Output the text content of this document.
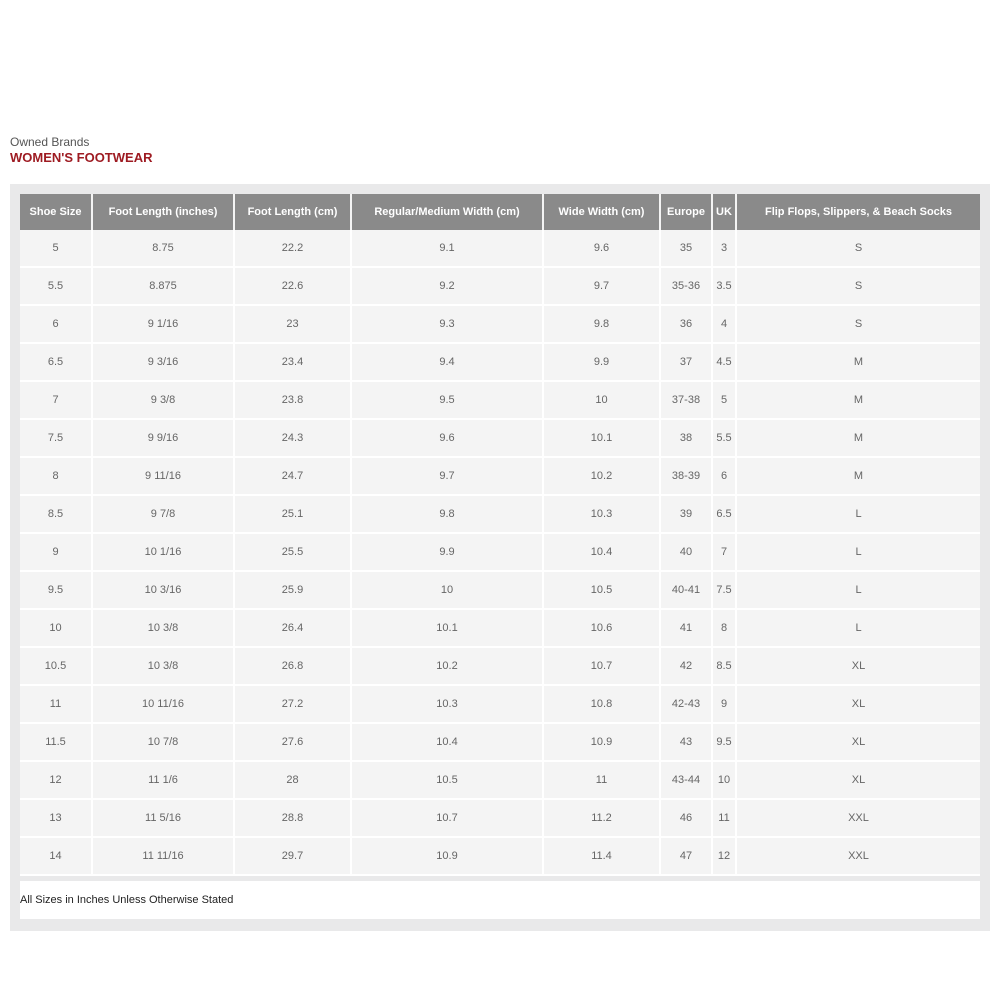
Owned Brands
WOMEN'S FOOTWEAR
Shoe Size	Foot Length (inches)	Foot Length (cm)	Regular/Medium Width (cm)	Wide Width (cm)	Europe	UK	Flip Flops, Slippers, & Beach Socks
5	8.75	22.2	9.1	9.6	35	3	S
5.5	8.875	22.6	9.2	9.7	35-36	3.5	S
6	9 1/16	23	9.3	9.8	36	4	S
6.5	9 3/16	23.4	9.4	9.9	37	4.5	M
7	9 3/8	23.8	9.5	10	37-38	5	M
7.5	9 9/16	24.3	9.6	10.1	38	5.5	M
8	9 11/16	24.7	9.7	10.2	38-39	6	M
8.5	9 7/8	25.1	9.8	10.3	39	6.5	L
9	10 1/16	25.5	9.9	10.4	40	7	L
9.5	10 3/16	25.9	10	10.5	40-41	7.5	L
10	10 3/8	26.4	10.1	10.6	41	8	L
10.5	10 3/8	26.8	10.2	10.7	42	8.5	XL
11	10 11/16	27.2	10.3	10.8	42-43	9	XL
11.5	10 7/8	27.6	10.4	10.9	43	9.5	XL
12	11 1/6	28	10.5	11	43-44	10	XL
13	11 5/16	28.8	10.7	11.2	46	11	XXL
14	11 11/16	29.7	10.9	11.4	47	12	XXL
All Sizes in Inches Unless Otherwise Stated
